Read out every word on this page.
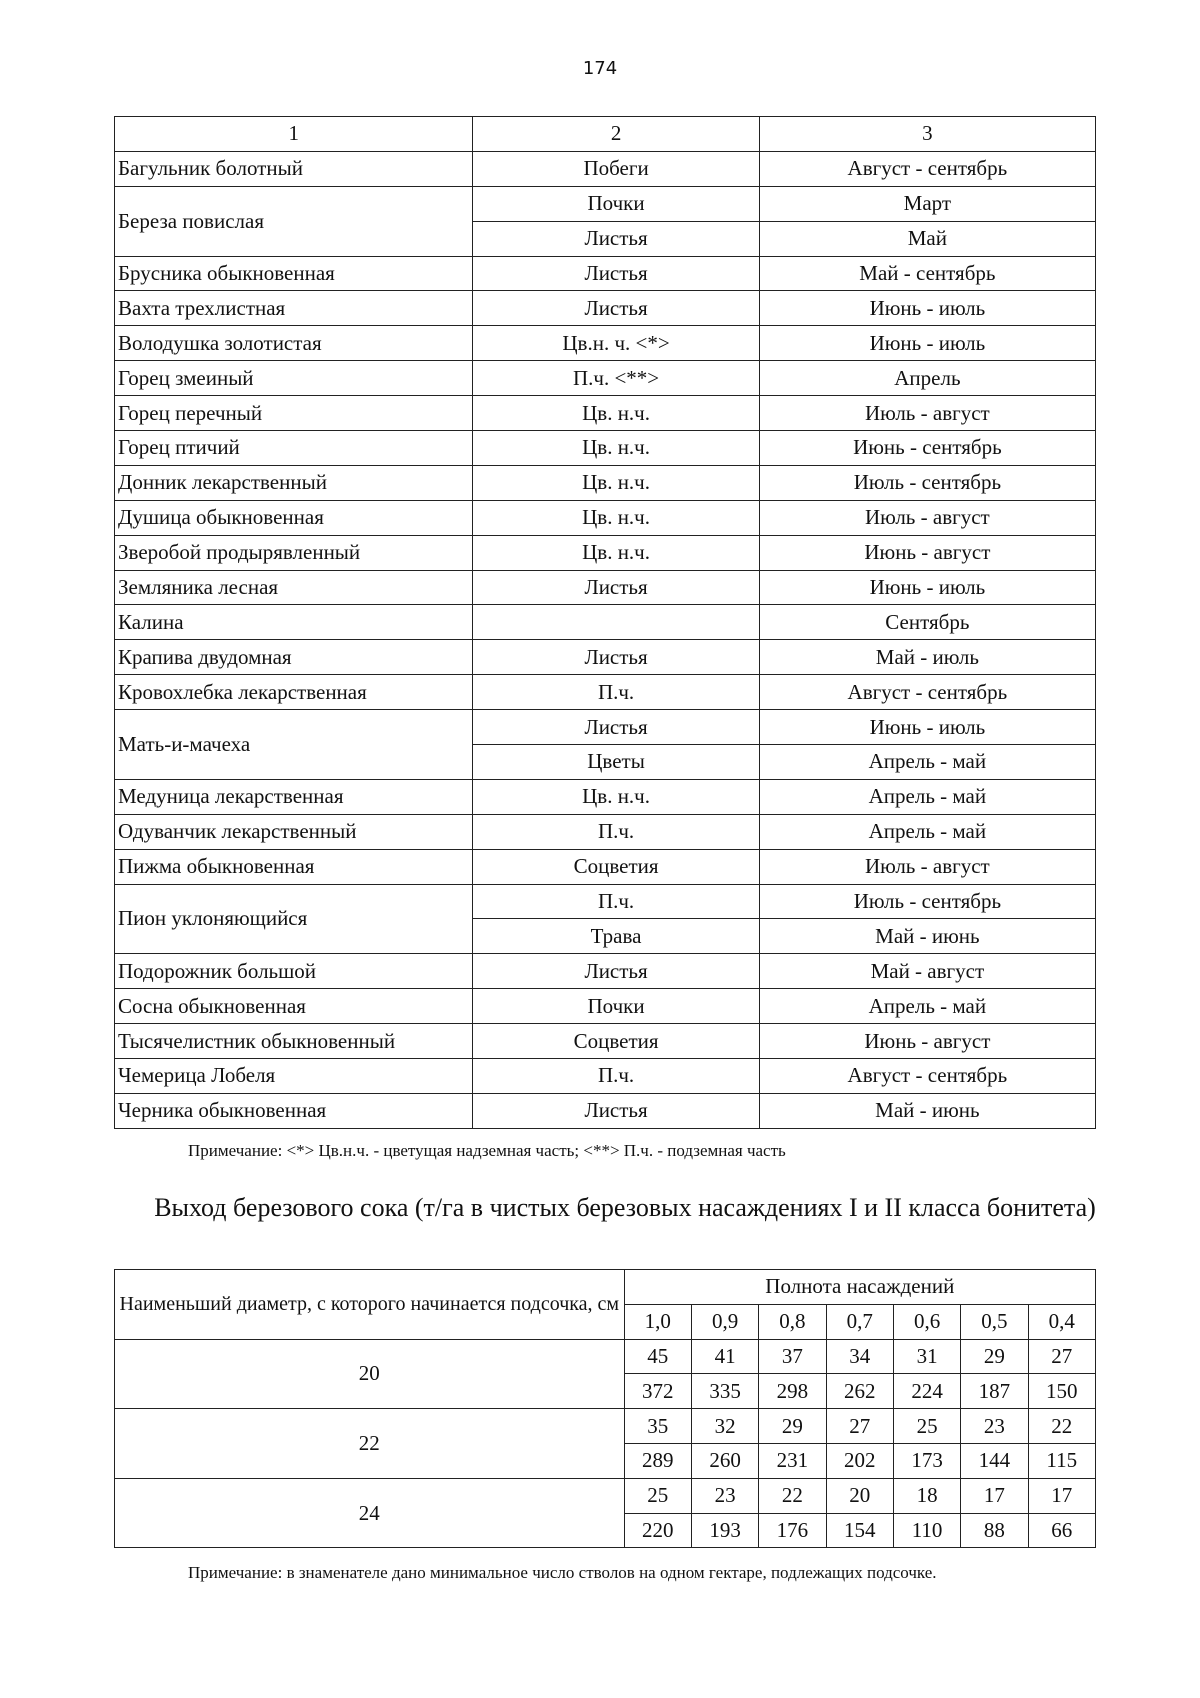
174
1	2	3
Багульник болотный	Побеги	Август - сентябрь
Береза повислая	Почки	Март
	Листья	Май
Брусника обыкновенная	Листья	Май - сентябрь
Вахта трехлистная	Листья	Июнь - июль
Володушка золотистая	Цв.н. ч. <*>	Июнь - июль
Горец змеиный	П.ч. <**>	Апрель
Горец перечный	Цв. н.ч.	Июль - август
Горец птичий	Цв. н.ч.	Июнь - сентябрь
Донник лекарственный	Цв. н.ч.	Июль - сентябрь
Душица обыкновенная	Цв. н.ч.	Июль - август
Зверобой продырявленный	Цв. н.ч.	Июнь - август
Земляника лесная	Листья	Июнь - июль
Калина		Сентябрь
Крапива двудомная	Листья	Май - июль
Кровохлебка лекарственная	П.ч.	Август - сентябрь
Мать-и-мачеха	Листья	Июнь - июль
	Цветы	Апрель - май
Медуница лекарственная	Цв. н.ч.	Апрель - май
Одуванчик лекарственный	П.ч.	Апрель - май
Пижма обыкновенная	Соцветия	Июль - август
Пион уклоняющийся	П.ч.	Июль - сентябрь
	Трава	Май - июнь
Подорожник большой	Листья	Май - август
Сосна обыкновенная	Почки	Апрель - май
Тысячелистник обыкновенный	Соцветия	Июнь - август
Чемерица Лобеля	П.ч.	Август - сентябрь
Черника обыкновенная	Листья	Май - июнь
Примечание: <*> Цв.н.ч. - цветущая надземная часть; <**> П.ч. - подземная часть
Выход березового сока (т/га в чистых березовых насаждениях I и II класса бонитета)
Наименьший диаметр, с которого начинается подсочка, см	Полнота насаждений						
	1,0	0,9	0,8	0,7	0,6	0,5	0,4
20	45	41	37	34	31	29	27
	372	335	298	262	224	187	150
22	35	32	29	27	25	23	22
	289	260	231	202	173	144	115
24	25	23	22	20	18	17	17
	220	193	176	154	110	88	66
Примечание: в знаменателе дано минимальное число стволов на одном гектаре, подлежащих подсочке.
